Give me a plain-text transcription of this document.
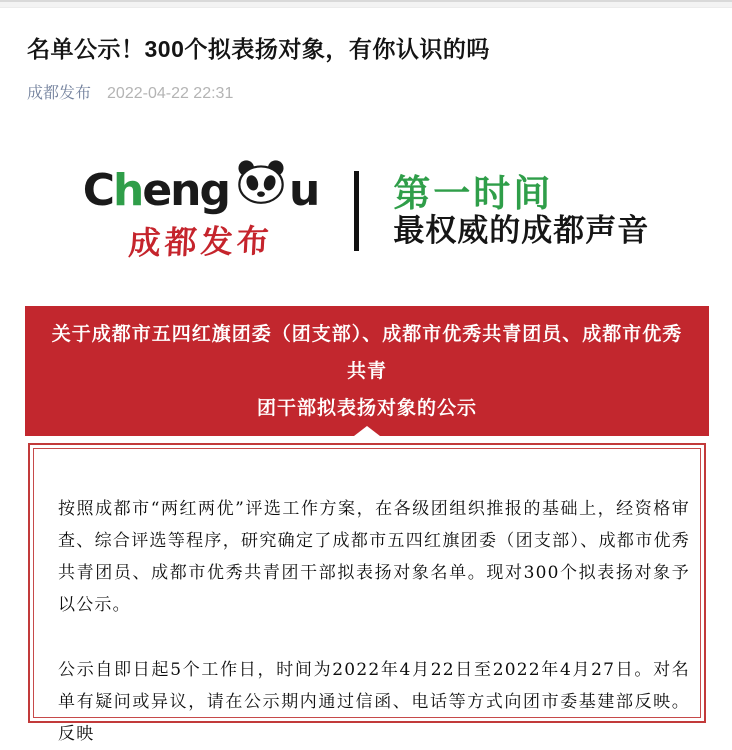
名单公示！300个拟表扬对象，有你认识的吗
成都发布 2022-04-22 22:31
C h eng u
成都发布
第一时间
最权威的成都声音
关于成都市五四红旗团委（团支部）、成都市优秀共青团员、成都市优秀共青
团干部拟表扬对象的公示

按照成都市“两红两优”评选工作方案，在各级团组织推报的基础上，经资格审查、综合评选等程序，研究确定了成都市五四红旗团委（团支部）、成都市优秀共青团员、成都市优秀共青团干部拟表扬对象名单。现对300个拟表扬对象予以公示。

公示自即日起5个工作日，时间为2022年4月22日至2022年4月27日。对名单有疑问或异议，请在公示期内通过信函、电话等方式向团市委基建部反映。反映
